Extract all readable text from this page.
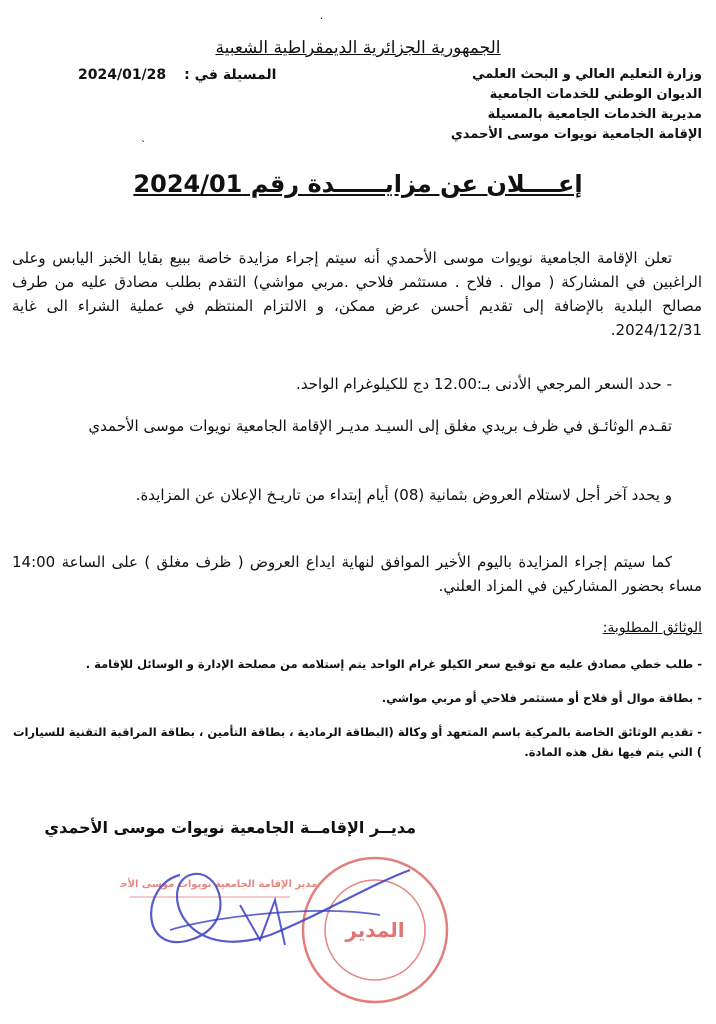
·
الجمهورية الجزائرية الديمقراطية الشعبية
وزارة التعليم العالي و البحث العلمي
الديوان الوطني للخدمات الجامعية
مديرية الخدمات الجامعية بالمسيلة
الإقامة الجامعية نويوات موسى الأحمدي
المسيلة في :2024/01/28
`
إعــــلان عن مزايــــــدة رقم 2024/01
تعلن الإقامة الجامعية نويوات موسى الأحمدي أنه سيتم إجراء مزايدة خاصة ببيع بقايا الخبز اليابس وعلى الراغبين في المشاركة ( موال . فلاح . مستثمر فلاحي .مربي مواشي) التقدم بطلب مصادق عليه من طرف مصالح البلدية بالإضافة إلى تقديم أحسن عرض ممكن، و الالتزام المنتظم في عملية الشراء الى غاية 2024/12/31.
- حدد السعر المرجعي الأدنى بـ:12.00 دج للكيلوغرام الواحد.
تقـدم الوثائـق في ظرف بريدي مغلق إلى السيـد مديـر الإقامة الجامعية نويوات موسى الأحمدي
و يحدد آخر أجل لاستلام العروض بثمانية (08) أيام إبتداء من تاريـخ الإعلان عن المزايدة.
كما سيتم إجراء المزايدة باليوم الأخير الموافق لنهاية ايداع العروض ( ظرف مغلق ) على الساعة 14:00 مساء بحضور المشاركين في المزاد العلني.
الوثائق المطلوبة:
- طلب خطي مصادق عليه مع توقيع سعر الكيلو غرام الواحد يتم إستلامه من مصلحة الإدارة و الوسائل للإقامة .
- بطاقة موال أو فلاح أو مستثمر فلاحي أو مربي مواشي.
- تقديم الوثائق الخاصة بالمركبة باسم المتعهد أو وكالة (البطاقة الرمادية ، بطاقة التأمين ، بطاقة المراقبة التقنية للسيارات ) التي يتم فيها نقل هذه المادة.
مديــر الإقامــة الجامعية نويوات موسى الأحمدي
المدير
مدير الإقامة الجامعية نويوات موسى الأحمدي
